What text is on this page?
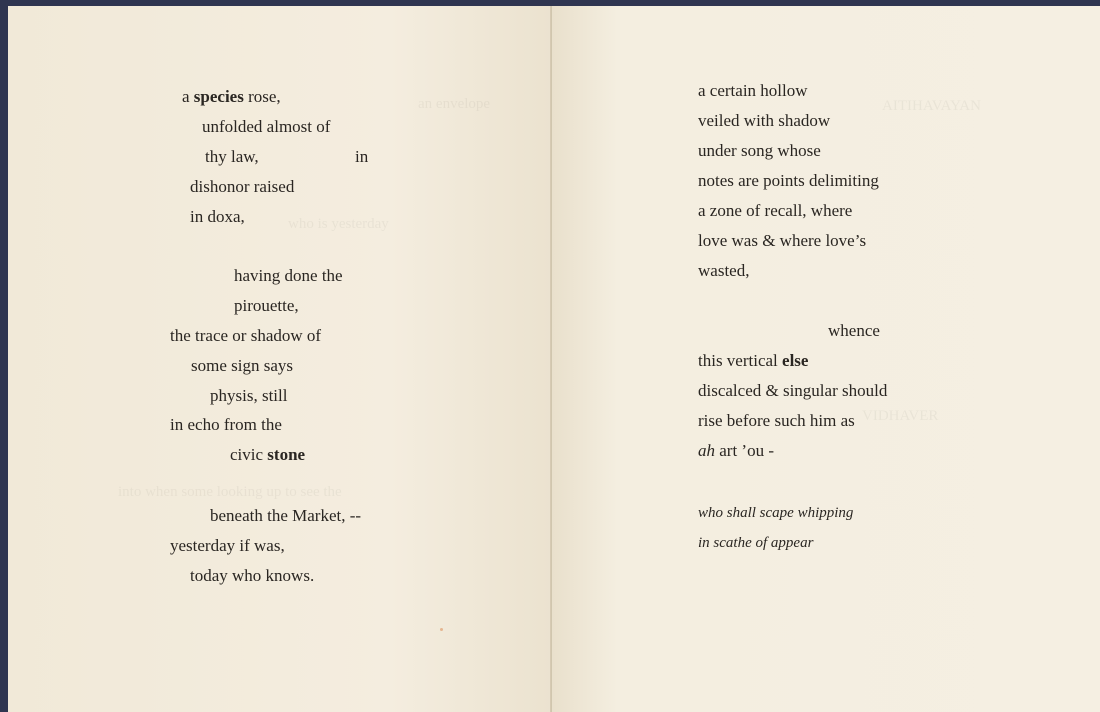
an envelope
who is yesterday
into when some looking up to see the
a species rose,
unfolded almost of
thy law,	in
dishonor raised
in doxa,
having done the
pirouette,
the trace or shadow of
some sign says
physis, still
in echo from the
civic stone
beneath the Market, --
yesterday if was,
today who knows.
AITIHAVAYAN
VIDHAVER
a certain hollow
veiled with shadow
under song whose
notes are points delimiting
a zone of recall, where
love was & where love’s
wasted,
whence
this vertical else
discalced & singular should
rise before such him as
ah art ’ou -
who shall scape whipping
in scathe of appear
